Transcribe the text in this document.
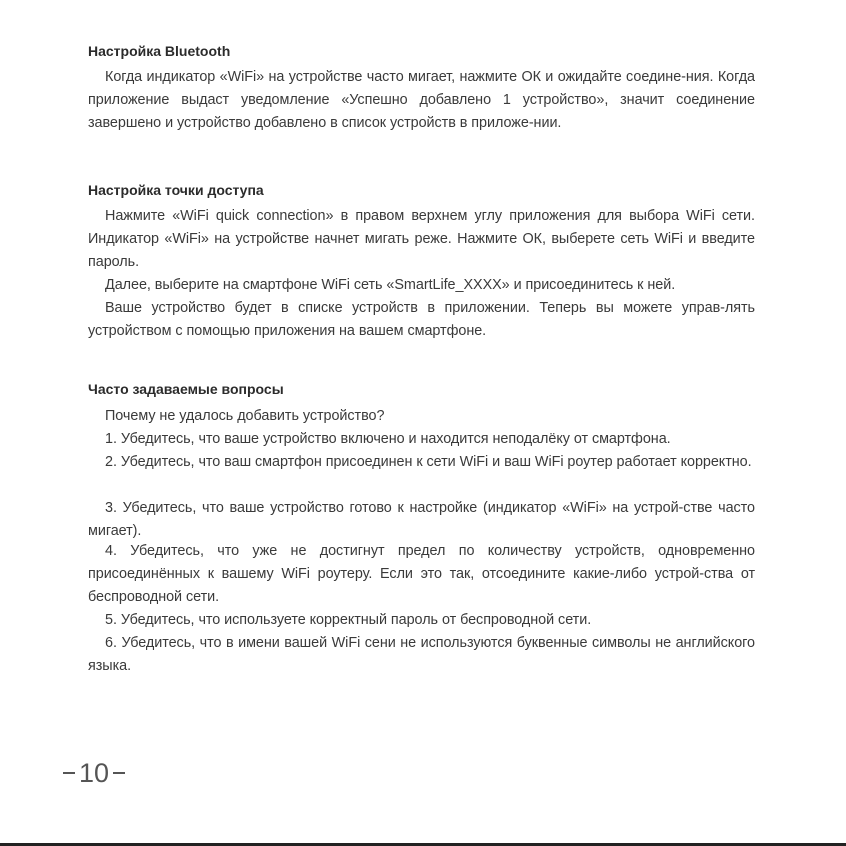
Настройка Bluetooth

Когда индикатор «WiFi» на устройстве часто мигает, нажмите ОК и ожидайте соедине-ния. Когда приложение выдаст уведомление «Успешно добавлено 1 устройство», значит соединение завершено и устройство добавлено в список устройств в приложе-нии.

Настройка точки доступа

Нажмите «WiFi quick connection» в правом верхнем углу приложения для выбора WiFi сети. Индикатор «WiFi» на устройстве начнет мигать реже. Нажмите ОК, выберете сеть WiFi и введите пароль.

Далее, выберите на смартфоне WiFi сеть «SmartLife_XXXX» и присоединитесь к ней.

Ваше устройство будет в списке устройств в приложении. Теперь вы можете управ-лять устройством с помощью приложения на вашем смартфоне.

Часто задаваемые вопросы

Почему не удалось добавить устройство?

1. Убедитесь, что ваше устройство включено и находится неподалёку от смартфона.

2. Убедитесь, что ваш смартфон присоединен к сети WiFi и ваш WiFi роутер работает корректно.

3. Убедитесь, что ваше устройство готово к настройке (индикатор «WiFi» на устрой-стве часто мигает).

4. Убедитесь, что уже не достигнут предел по количеству устройств, одновременно присоединённых к вашему WiFi роутеру. Если это так, отсоедините какие-либо устрой-ства от беспроводной сети.

5. Убедитесь, что используете корректный пароль от беспроводной сети.

6. Убедитесь, что в имени вашей WiFi сени не используются буквенные символы не английского языка.

10
